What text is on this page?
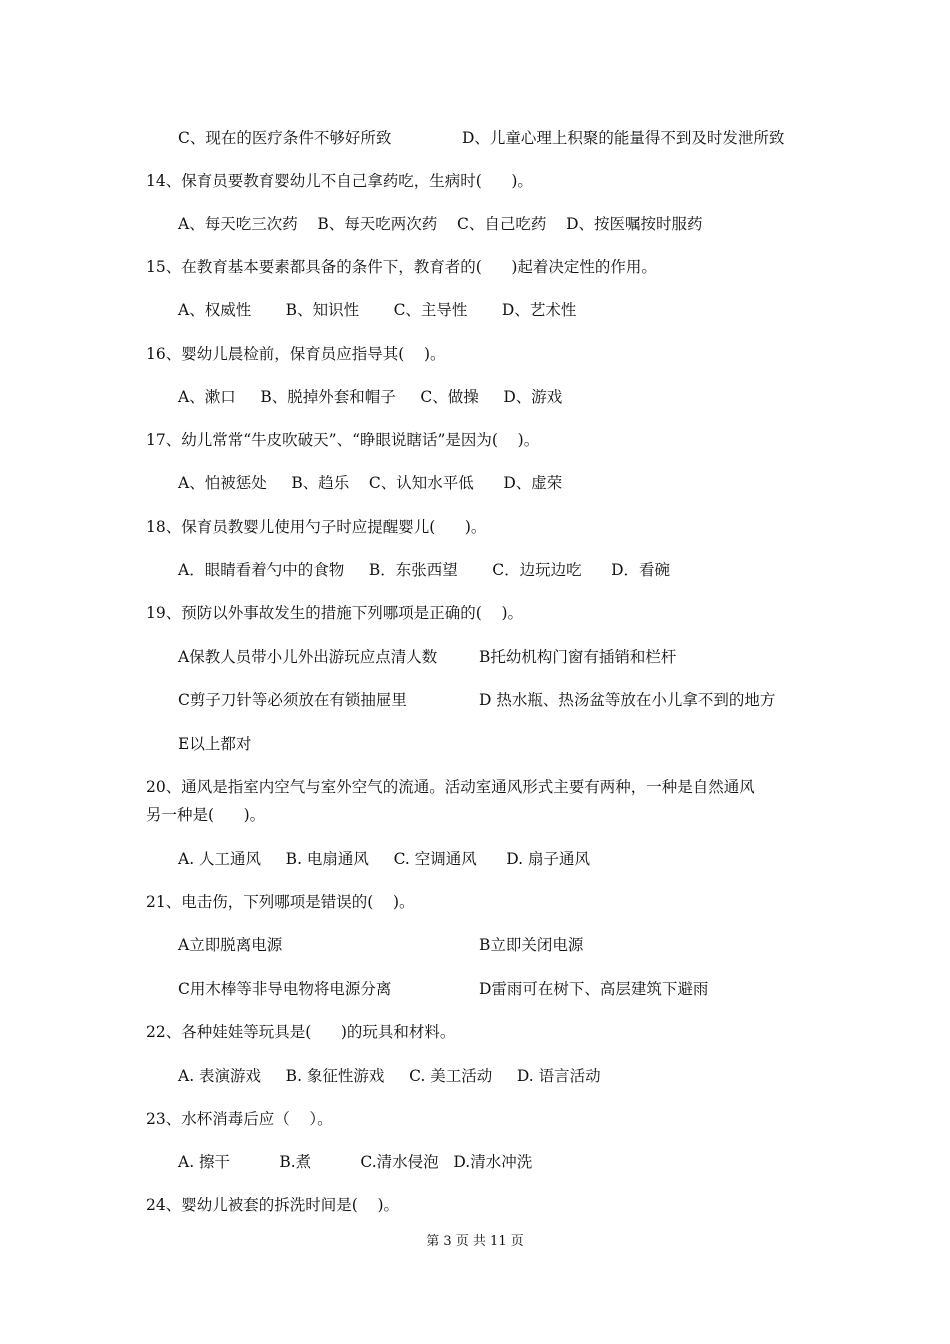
C、现在的医疗条件不够好所致	D、儿童心理上积聚的能量得不到及时发泄所致
14、保育员要教育婴幼儿不自己拿药吃，生病时(      )。
A、每天吃三次药    B、每天吃两次药    C、自己吃药    D、按医嘱按时服药
15、在教育基本要素都具备的条件下，教育者的(      )起着决定性的作用。
A、权威性       B、知识性       C、主导性       D、艺术性
16、婴幼儿晨检前，保育员应指导其(    )。
A、漱口     B、脱掉外套和帽子     C、做操     D、游戏
17、幼儿常常“牛皮吹破天”、“睁眼说瞎话”是因为(    )。
A、怕被惩处     B、趋乐    C、认知水平低      D、虚荣
18、保育员教婴儿使用勺子时应提醒婴儿(      )。
A．眼睛看着勺中的食物     B．东张西望       C．边玩边吃      D．看碗
19、预防以外事故发生的措施下列哪项是正确的(    )。
A保教人员带小儿外出游玩应点清人数	B托幼机构门窗有插销和栏杆
C剪子刀针等必须放在有锁抽屉里	D 热水瓶、热汤盆等放在小儿拿不到的地方
E以上都对
20、通风是指室内空气与室外空气的流通。活动室通风形式主要有两种，一种是自然通风
另一种是(      )。
A. 人工通风     B. 电扇通风     C. 空调通风      D. 扇子通风
21、电击伤，下列哪项是错误的(    )。
A立即脱离电源	B立即关闭电源
C用木棒等非导电物将电源分离	D雷雨可在树下、高层建筑下避雨
22、各种娃娃等玩具是(      )的玩具和材料。
A. 表演游戏     B. 象征性游戏     C. 美工活动     D. 语言活动
23、水杯消毒后应（    ）。
A. 擦干          B.煮          C.清水侵泡   D.清水冲洗
24、婴幼儿被套的拆洗时间是(    )。
第 3 页 共 11 页
